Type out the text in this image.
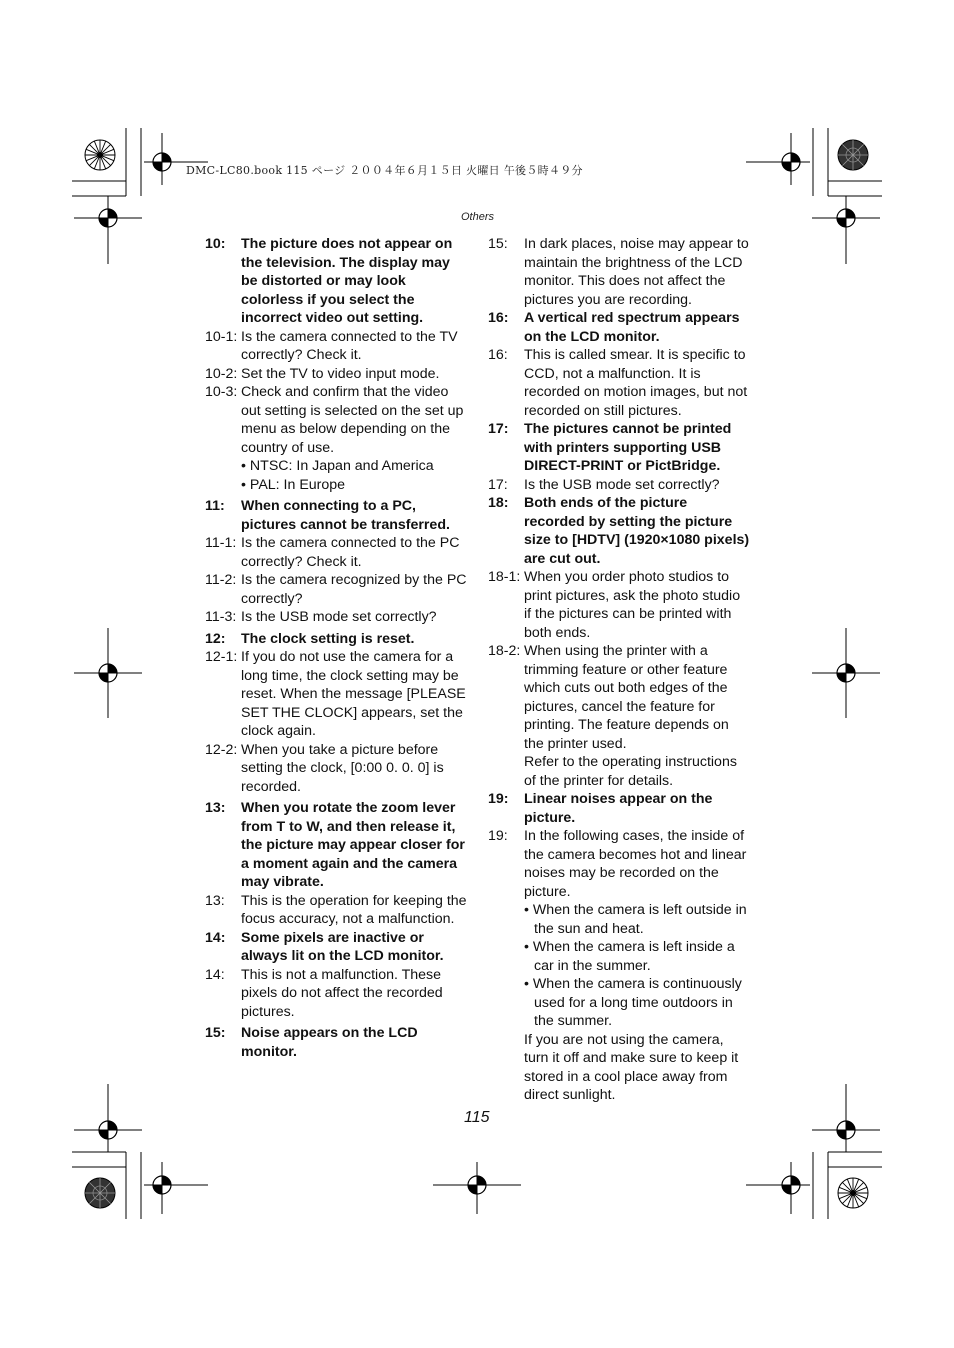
DMC-LC80.book 115 ページ ２００４年６月１５日 火曜日 午後５時４９分
Others
10:	The picture does not appear on the television. The display may be distorted or may look colorless if you select the incorrect video out setting.
10-1: Is the camera connected to the TV correctly? Check it.
10-2: Set the TV to video input mode.
10-3: Check and confirm that the video out setting is selected on the set up menu as below depending on the country of use.
• NTSC: In Japan and America
• PAL: In Europe
11:	When connecting to a PC, pictures cannot be transferred.
11-1: Is the camera connected to the PC correctly? Check it.
11-2: Is the camera recognized by the PC correctly?
11-3: Is the USB mode set correctly?
12:	The clock setting is reset.
12-1: If you do not use the camera for a long time, the clock setting may be reset. When the message [PLEASE SET THE CLOCK] appears, set the clock again.
12-2: When you take a picture before setting the clock, [0:00 0. 0. 0] is recorded.
13:	When you rotate the zoom lever from T to W, and then release it, the picture may appear closer for a moment again and the camera may vibrate.
13:	This is the operation for keeping the focus accuracy, not a malfunction.
14:	Some pixels are inactive or always lit on the LCD monitor.
14:	This is not a malfunction. These pixels do not affect the recorded pictures.
15:	Noise appears on the LCD monitor.
15:	In dark places, noise may appear to maintain the brightness of the LCD monitor. This does not affect the pictures you are recording.
16:	A vertical red spectrum appears on the LCD monitor.
16:	This is called smear. It is specific to CCD, not a malfunction. It is recorded on motion images, but not recorded on still pictures.
17:	The pictures cannot be printed with printers supporting USB DIRECT-PRINT or PictBridge.
17:	Is the USB mode set correctly?
18:	Both ends of the picture recorded by setting the picture size to [HDTV] (1920×1080 pixels) are cut out.
18-1: When you order photo studios to print pictures, ask the photo studio if the pictures can be printed with both ends.
18-2: When using the printer with a trimming feature or other feature which cuts out both edges of the pictures, cancel the feature for printing. The feature depends on the printer used.
Refer to the operating instructions of the printer for details.
19:	Linear noises appear on the picture.
19:	In the following cases, the inside of the camera becomes hot and linear noises may be recorded on the picture.
• When the camera is left outside in the sun and heat.
• When the camera is left inside a car in the summer.
• When the camera is continuously used for a long time outdoors in the summer.
If you are not using the camera, turn it off and make sure to keep it stored in a cool place away from direct sunlight.
115
